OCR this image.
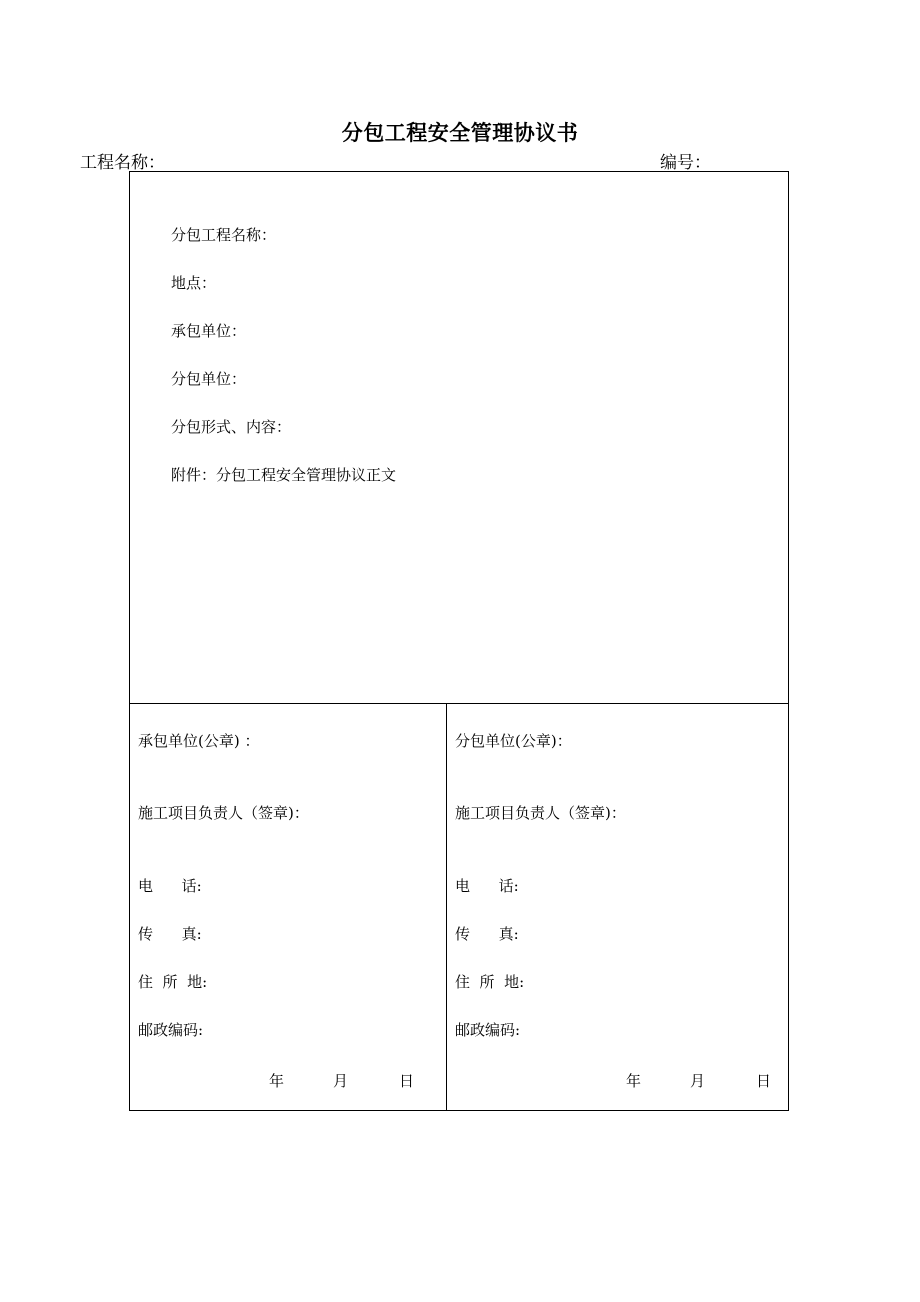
分包工程安全管理协议书
工程名称：	编号：
分包工程名称：
地点：
承包单位：
分包单位：
分包形式、内容：
附件：分包工程安全管理协议正文
承包单位(公章) ：
施工项目负责人（签章)：
电      话:
传      真:
住  所  地:
邮政编码:
年	月	日
分包单位(公章)：
施工项目负责人（签章)：
电      话:
传      真:
住  所  地:
邮政编码:
年	月	日
